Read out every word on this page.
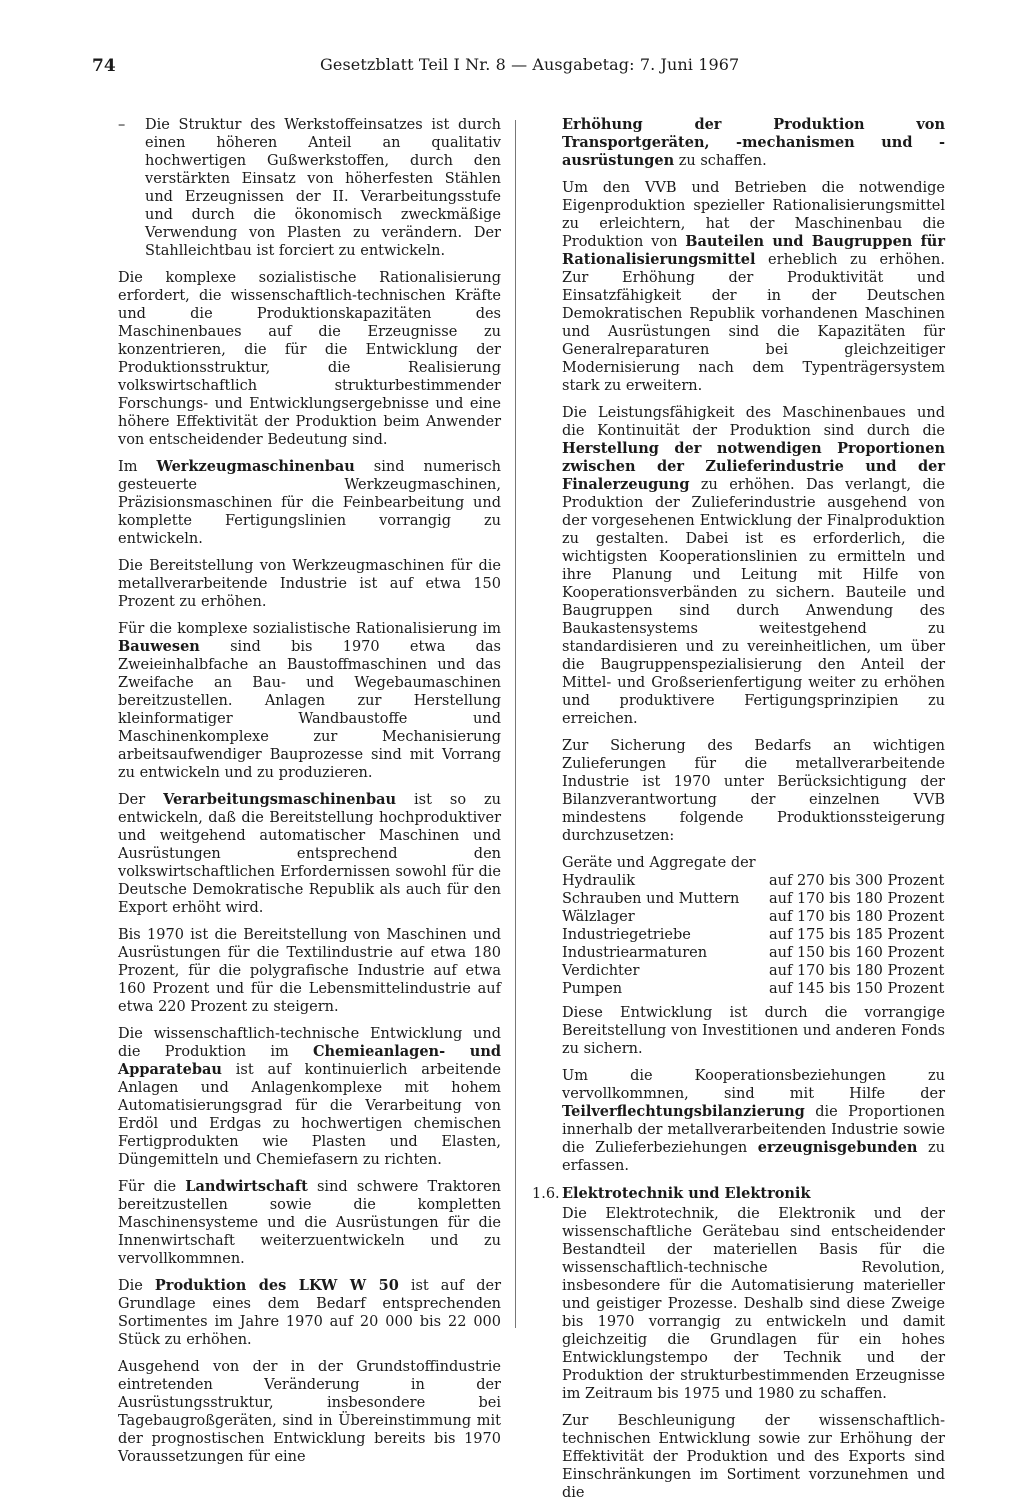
74	Gesetzblatt Teil I Nr. 8 — Ausgabetag: 7. Juni 1967

– Die Struktur des Werkstoffeinsatzes ist durch einen höheren Anteil an qualitativ hochwertigen Gußwerkstoffen, durch den verstärkten Einsatz von höherfesten Stählen und Erzeugnissen der II. Verarbeitungsstufe und durch die ökonomisch zweckmäßige Verwendung von Plasten zu verändern. Der Stahlleichtbau ist forciert zu entwickeln.

Die komplexe sozialistische Rationalisierung erfordert, die wissenschaftlich-technischen Kräfte und die Produktionskapazitäten des Maschinenbaues auf die Erzeugnisse zu konzentrieren, die für die Entwicklung der Produktionsstruktur, die Realisierung volkswirtschaftlich strukturbestimmender Forschungs- und Entwicklungsergebnisse und eine höhere Effektivität der Produktion beim Anwender von entscheidender Bedeutung sind.

Im Werkzeugmaschinenbau sind numerisch gesteuerte Werkzeugmaschinen, Präzisionsmaschinen für die Feinbearbeitung und komplette Fertigungslinien vorrangig zu entwickeln.

Die Bereitstellung von Werkzeugmaschinen für die metallverarbeitende Industrie ist auf etwa 150 Prozent zu erhöhen.

Für die komplexe sozialistische Rationalisierung im Bauwesen sind bis 1970 etwa das Zweieinhalbfache an Baustoffmaschinen und das Zweifache an Bau- und Wegebaumaschinen bereitzustellen. Anlagen zur Herstellung kleinformatiger Wandbaustoffe und Maschinenkomplexe zur Mechanisierung arbeitsaufwendiger Bauprozesse sind mit Vorrang zu entwickeln und zu produzieren.

Der Verarbeitungsmaschinenbau ist so zu entwickeln, daß die Bereitstellung hochproduktiver und weitgehend automatischer Maschinen und Ausrüstungen entsprechend den volkswirtschaftlichen Erfordernissen sowohl für die Deutsche Demokratische Republik als auch für den Export erhöht wird.

Bis 1970 ist die Bereitstellung von Maschinen und Ausrüstungen für die Textilindustrie auf etwa 180 Prozent, für die polygrafische Industrie auf etwa 160 Prozent und für die Lebensmittelindustrie auf etwa 220 Prozent zu steigern.

Die wissenschaftlich-technische Entwicklung und die Produktion im Chemieanlagen- und Apparatebau ist auf kontinuierlich arbeitende Anlagen und Anlagenkomplexe mit hohem Automatisierungsgrad für die Verarbeitung von Erdöl und Erdgas zu hochwertigen chemischen Fertigprodukten wie Plasten und Elasten, Düngemitteln und Chemiefasern zu richten.

Für die Landwirtschaft sind schwere Traktoren bereitzustellen sowie die kompletten Maschinensysteme und die Ausrüstungen für die Innenwirtschaft weiterzuentwickeln und zu vervollkommnen.

Die Produktion des LKW W 50 ist auf der Grundlage eines dem Bedarf entsprechenden Sortimentes im Jahre 1970 auf 20 000 bis 22 000 Stück zu erhöhen.

Ausgehend von der in der Grundstoffindustrie eintretenden Veränderung in der Ausrüstungsstruktur, insbesondere bei Tagebaugroßgeräten, sind in Übereinstimmung mit der prognostischen Entwicklung bereits bis 1970 Voraussetzungen für eine

Erhöhung der Produktion von Transportgeräten, -mechanismen und -ausrüstungen zu schaffen.

Um den VVB und Betrieben die notwendige Eigenproduktion spezieller Rationalisierungsmittel zu erleichtern, hat der Maschinenbau die Produktion von Bauteilen und Baugruppen für Rationalisierungsmittel erheblich zu erhöhen. Zur Erhöhung der Produktivität und Einsatzfähigkeit der in der Deutschen Demokratischen Republik vorhandenen Maschinen und Ausrüstungen sind die Kapazitäten für Generalreparaturen bei gleichzeitiger Modernisierung nach dem Typenträgersystem stark zu erweitern.

Die Leistungsfähigkeit des Maschinenbaues und die Kontinuität der Produktion sind durch die Herstellung der notwendigen Proportionen zwischen der Zulieferindustrie und der Finalerzeugung zu erhöhen. Das verlangt, die Produktion der Zulieferindustrie ausgehend von der vorgesehenen Entwicklung der Finalproduktion zu gestalten. Dabei ist es erforderlich, die wichtigsten Kooperationslinien zu ermitteln und ihre Planung und Leitung mit Hilfe von Kooperationsverbänden zu sichern. Bauteile und Baugruppen sind durch Anwendung des Baukastensystems weitestgehend zu standardisieren und zu vereinheitlichen, um über die Baugruppenspezialisierung den Anteil der Mittel- und Großserienfertigung weiter zu erhöhen und produktivere Fertigungsprinzipien zu erreichen.

Zur Sicherung des Bedarfs an wichtigen Zulieferungen für die metallverarbeitende Industrie ist 1970 unter Berücksichtigung der Bilanzverantwortung der einzelnen VVB mindestens folgende Produktionssteigerung durchzusetzen:

Geräte und Aggregate der
Hydraulik	auf 270 bis 300 Prozent
Schrauben und Muttern	auf 170 bis 180 Prozent
Wälzlager	auf 170 bis 180 Prozent
Industriegetriebe	auf 175 bis 185 Prozent
Industriearmaturen	auf 150 bis 160 Prozent
Verdichter	auf 170 bis 180 Prozent
Pumpen	auf 145 bis 150 Prozent

Diese Entwicklung ist durch die vorrangige Bereitstellung von Investitionen und anderen Fonds zu sichern.

Um die Kooperationsbeziehungen zu vervollkommnen, sind mit Hilfe der Teilverflechtungsbilanzierung die Proportionen innerhalb der metallverarbeitenden Industrie sowie die Zulieferbeziehungen erzeugnisgebunden zu erfassen.

1.6. Elektrotechnik und Elektronik

Die Elektrotechnik, die Elektronik und der wissenschaftliche Gerätebau sind entscheidender Bestandteil der materiellen Basis für die wissenschaftlich-technische Revolution, insbesondere für die Automatisierung materieller und geistiger Prozesse. Deshalb sind diese Zweige bis 1970 vorrangig zu entwickeln und damit gleichzeitig die Grundlagen für ein hohes Entwicklungstempo der Technik und der Produktion der strukturbestimmenden Erzeugnisse im Zeitraum bis 1975 und 1980 zu schaffen.

Zur Beschleunigung der wissenschaftlich-technischen Entwicklung sowie zur Erhöhung der Effektivität der Produktion und des Exports sind Einschränkungen im Sortiment vorzunehmen und die
